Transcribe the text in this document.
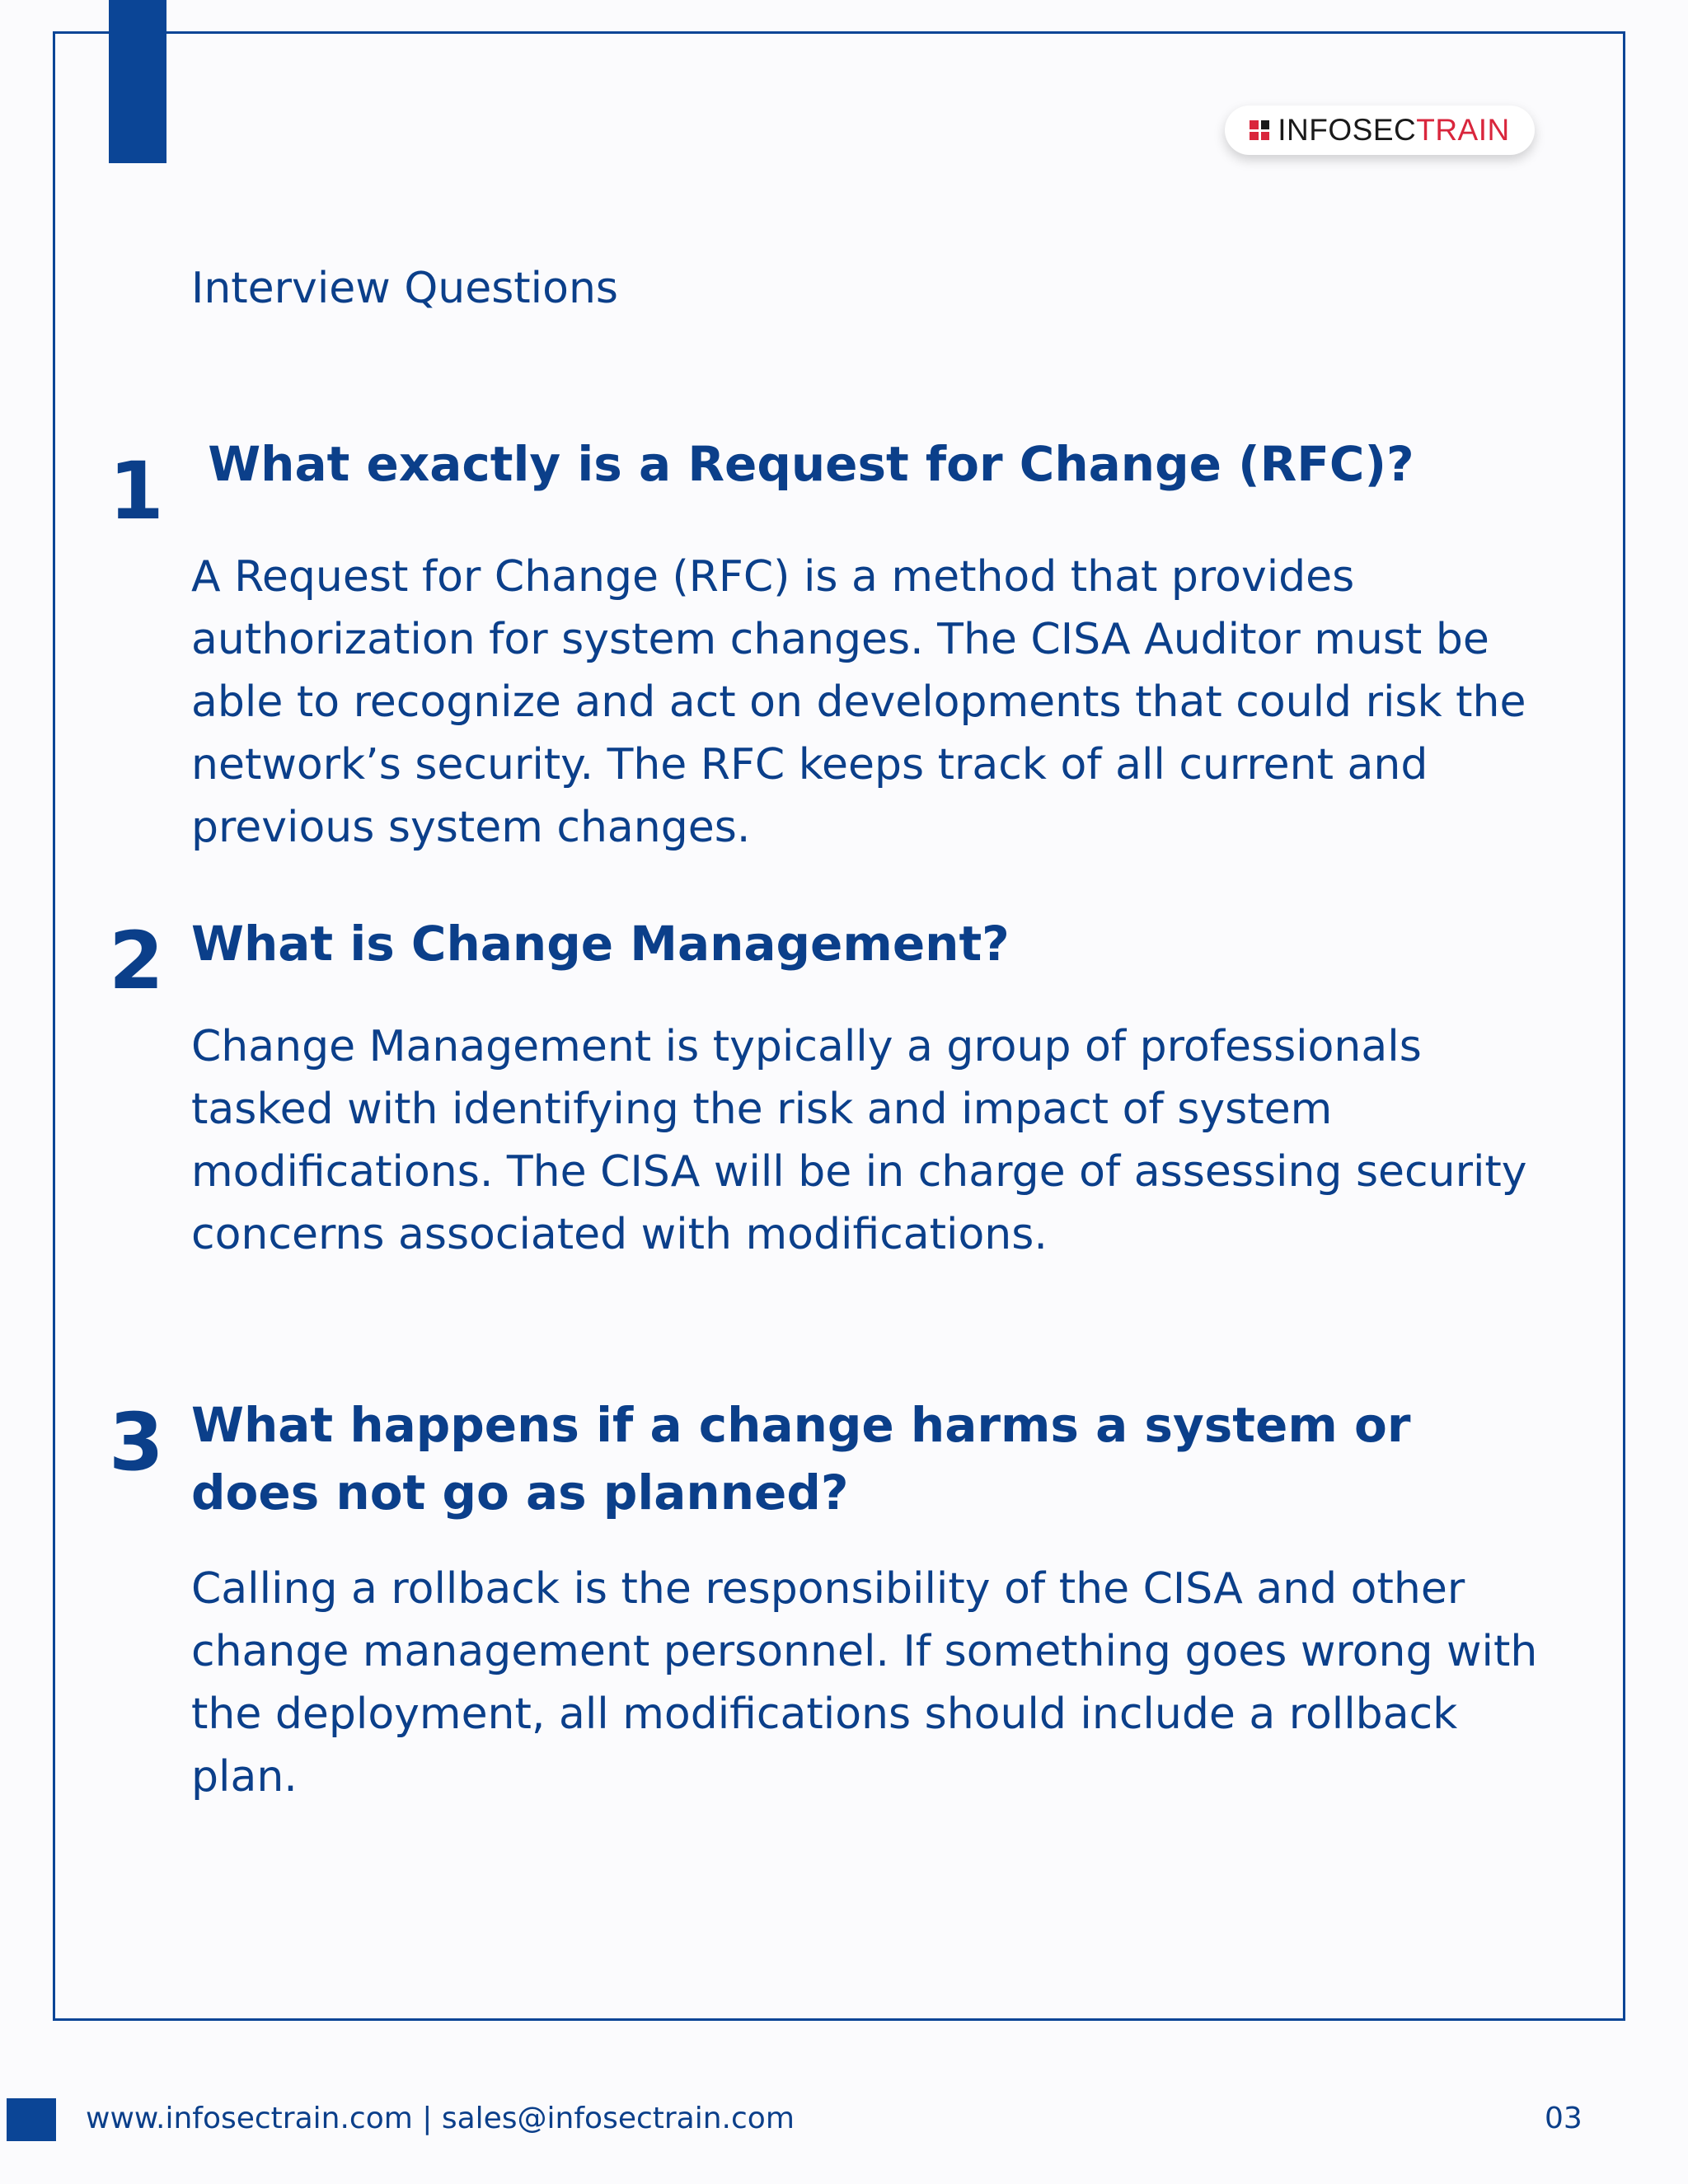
INFOSECTRAIN
Interview Questions
1 What exactly is a Request for Change (RFC)?
A Request for Change (RFC) is a method that provides authorization for system changes. The CISA Auditor must be able to recognize and act on developments that could risk the network’s security. The RFC keeps track of all current and previous system changes.
2 What is Change Management?
Change Management is typically a group of professionals tasked with identifying the risk and impact of system modifications. The CISA will be in charge of assessing security concerns associated with modifications.
3 What happens if a change harms a system or does not go as planned?
Calling a rollback is the responsibility of the CISA and other change management personnel. If something goes wrong with the deployment, all modifications should include a rollback plan.
www.infosectrain.com | sales@infosectrain.com	03
